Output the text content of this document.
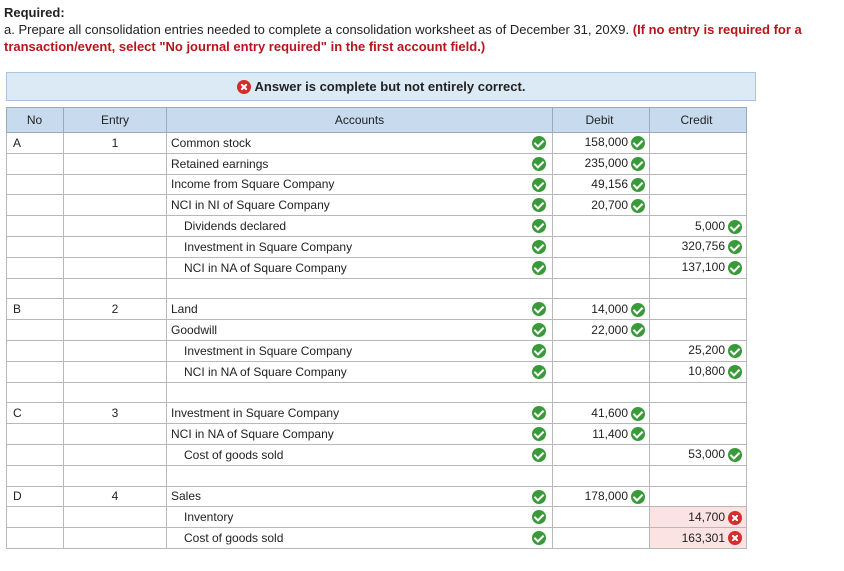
Required:
a. Prepare all consolidation entries needed to complete a consolidation worksheet as of December 31, 20X9. (If no entry is required for a transaction/event, select "No journal entry required" in the first account field.)
Answer is complete but not entirely correct.
No	Entry	Accounts	Debit	Credit
A	1	Common stock	158,000	
		Retained earnings	235,000	
		Income from Square Company	49,156	
		NCI in NI of Square Company	20,700	
		Dividends declared		5,000
		Investment in Square Company		320,756
		NCI in NA of Square Company		137,100

B	2	Land	14,000	
		Goodwill	22,000	
		Investment in Square Company		25,200
		NCI in NA of Square Company		10,800

C	3	Investment in Square Company	41,600	
		NCI in NA of Square Company	11,400	
		Cost of goods sold		53,000

D	4	Sales	178,000	
		Inventory		14,700
		Cost of goods sold		163,301
